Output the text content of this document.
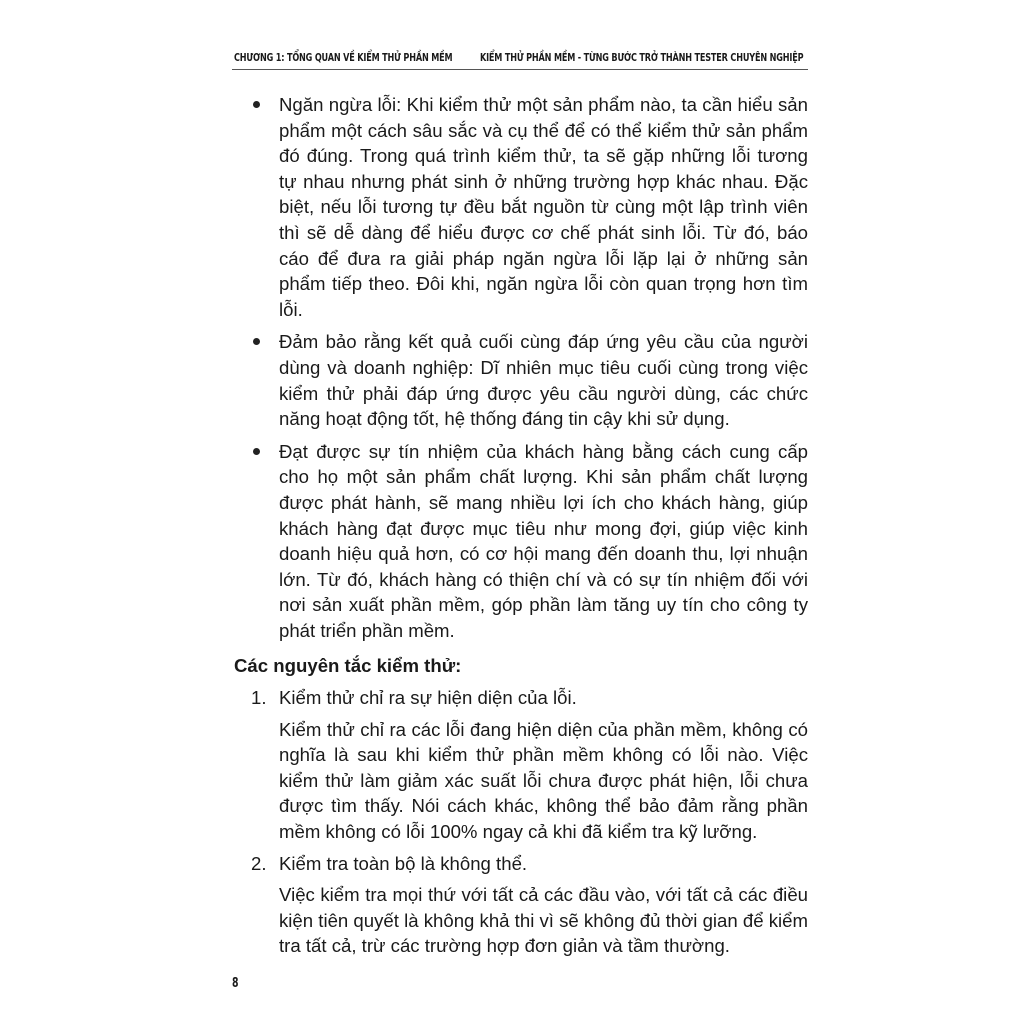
CHƯƠNG 1: TỔNG QUAN VỀ KIỂM THỬ PHẦN MỀM	KIỂM THỬ PHẦN MỀM - TỪNG BƯỚC TRỞ THÀNH TESTER CHUYÊN NGHIỆP
Ngăn ngừa lỗi: Khi kiểm thử một sản phẩm nào, ta cần hiểu sản phẩm một cách sâu sắc và cụ thể để có thể kiểm thử sản phẩm đó đúng. Trong quá trình kiểm thử, ta sẽ gặp những lỗi tương tự nhau nhưng phát sinh ở những trường hợp khác nhau. Đặc biệt, nếu lỗi tương tự đều bắt nguồn từ cùng một lập trình viên thì sẽ dễ dàng để hiểu được cơ chế phát sinh lỗi. Từ đó, báo cáo để đưa ra giải pháp ngăn ngừa lỗi lặp lại ở những sản phẩm tiếp theo. Đôi khi, ngăn ngừa lỗi còn quan trọng hơn tìm lỗi.
Đảm bảo rằng kết quả cuối cùng đáp ứng yêu cầu của người dùng và doanh nghiệp: Dĩ nhiên mục tiêu cuối cùng trong việc kiểm thử phải đáp ứng được yêu cầu người dùng, các chức năng hoạt động tốt, hệ thống đáng tin cậy khi sử dụng.
Đạt được sự tín nhiệm của khách hàng bằng cách cung cấp cho họ một sản phẩm chất lượng. Khi sản phẩm chất lượng được phát hành, sẽ mang nhiều lợi ích cho khách hàng, giúp khách hàng đạt được mục tiêu như mong đợi, giúp việc kinh doanh hiệu quả hơn, có cơ hội mang đến doanh thu, lợi nhuận lớn. Từ đó, khách hàng có thiện chí và có sự tín nhiệm đối với nơi sản xuất phần mềm, góp phần làm tăng uy tín cho công ty phát triển phần mềm.
Các nguyên tắc kiểm thử:
1. Kiểm thử chỉ ra sự hiện diện của lỗi.
Kiểm thử chỉ ra các lỗi đang hiện diện của phần mềm, không có nghĩa là sau khi kiểm thử phần mềm không có lỗi nào. Việc kiểm thử làm giảm xác suất lỗi chưa được phát hiện, lỗi chưa được tìm thấy. Nói cách khác, không thể bảo đảm rằng phần mềm không có lỗi 100% ngay cả khi đã kiểm tra kỹ lưỡng.
2. Kiểm tra toàn bộ là không thể.
Việc kiểm tra mọi thứ với tất cả các đầu vào, với tất cả các điều kiện tiên quyết là không khả thi vì sẽ không đủ thời gian để kiểm tra tất cả, trừ các trường hợp đơn giản và tầm thường.
8
